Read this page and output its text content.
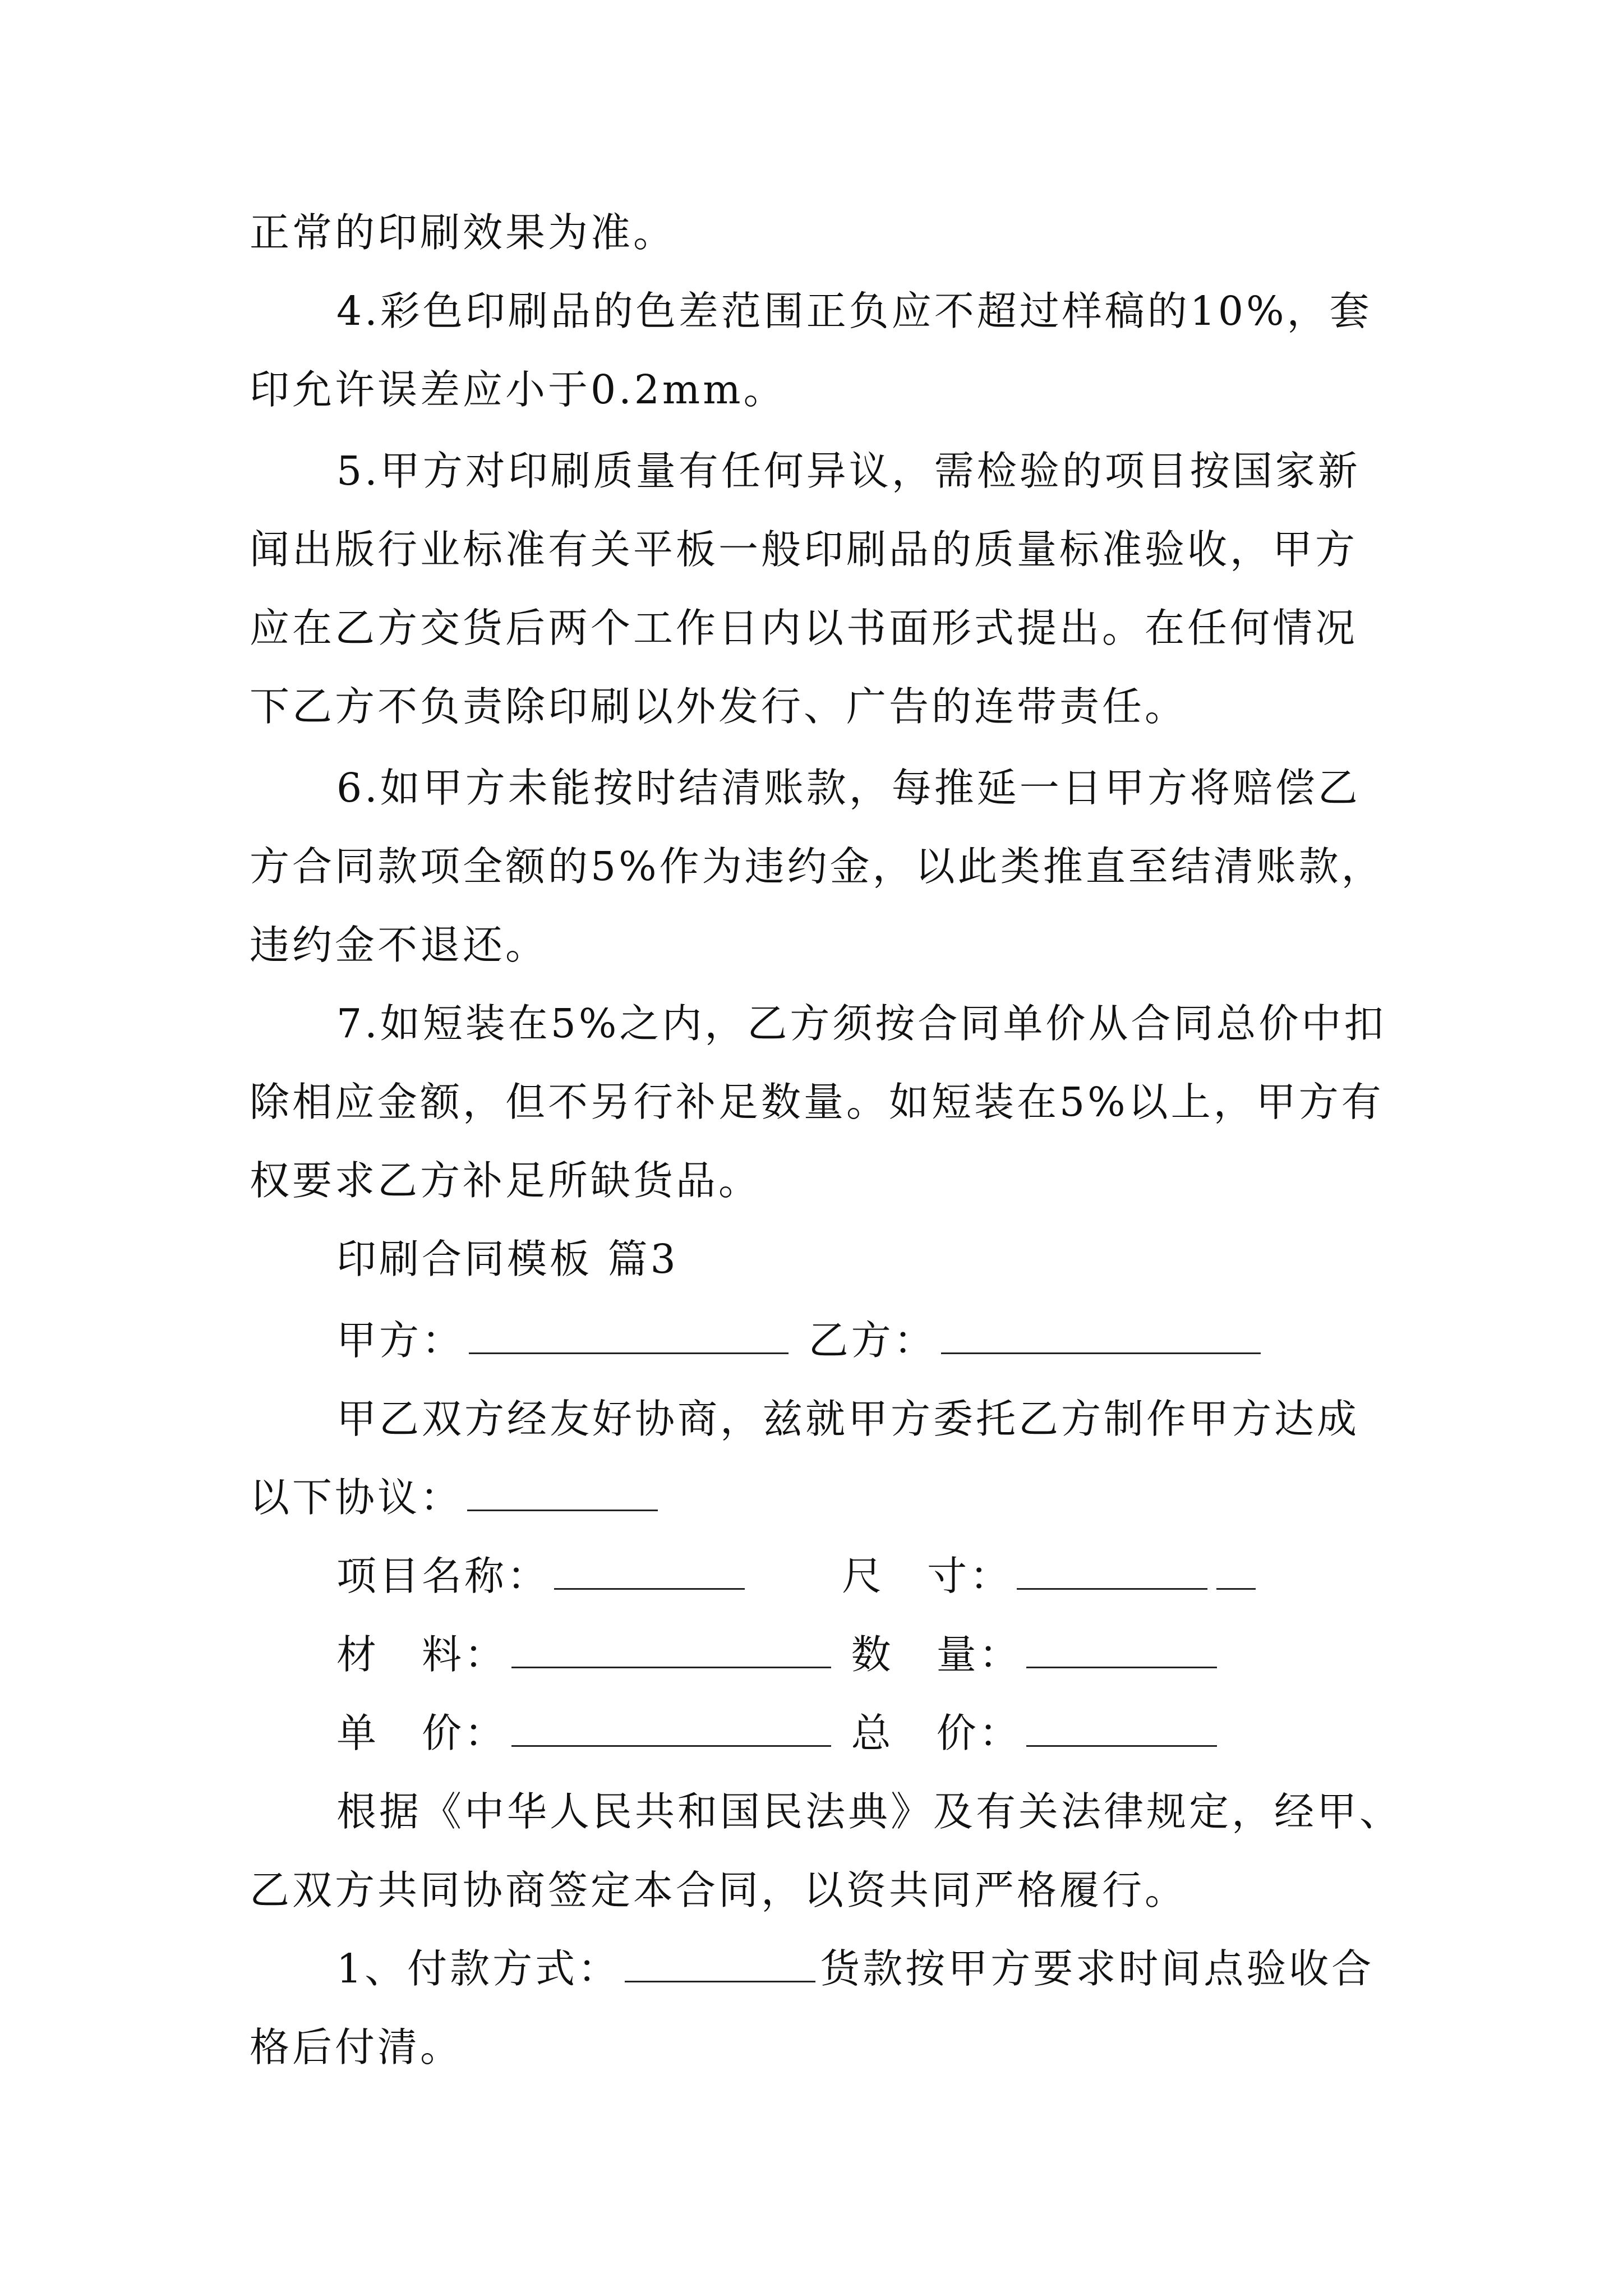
正常的印刷效果为准。
4.彩色印刷品的色差范围正负应不超过样稿的10%，套
印允许误差应小于0.2mm。
5.甲方对印刷质量有任何异议，需检验的项目按国家新
闻出版行业标准有关平板一般印刷品的质量标准验收，甲方
应在乙方交货后两个工作日内以书面形式提出。在任何情况
下乙方不负责除印刷以外发行、广告的连带责任。
6.如甲方未能按时结清账款，每推延一日甲方将赔偿乙
方合同款项全额的5%作为违约金，以此类推直至结清账款，
违约金不退还。
7.如短装在5%之内，乙方须按合同单价从合同总价中扣
除相应金额，但不另行补足数量。如短装在5%以上，甲方有
权要求乙方补足所缺货品。
印刷合同模板 篇3
甲方：	乙方：
甲乙双方经友好协商，兹就甲方委托乙方制作甲方达成
以下协议：
项目名称：	尺　寸：
材　料：	数　量：
单　价：	总　价：
根据《中华人民共和国民法典》及有关法律规定，经甲、
乙双方共同协商签定本合同，以资共同严格履行。
1、付款方式：	货款按甲方要求时间点验收合
格后付清。
